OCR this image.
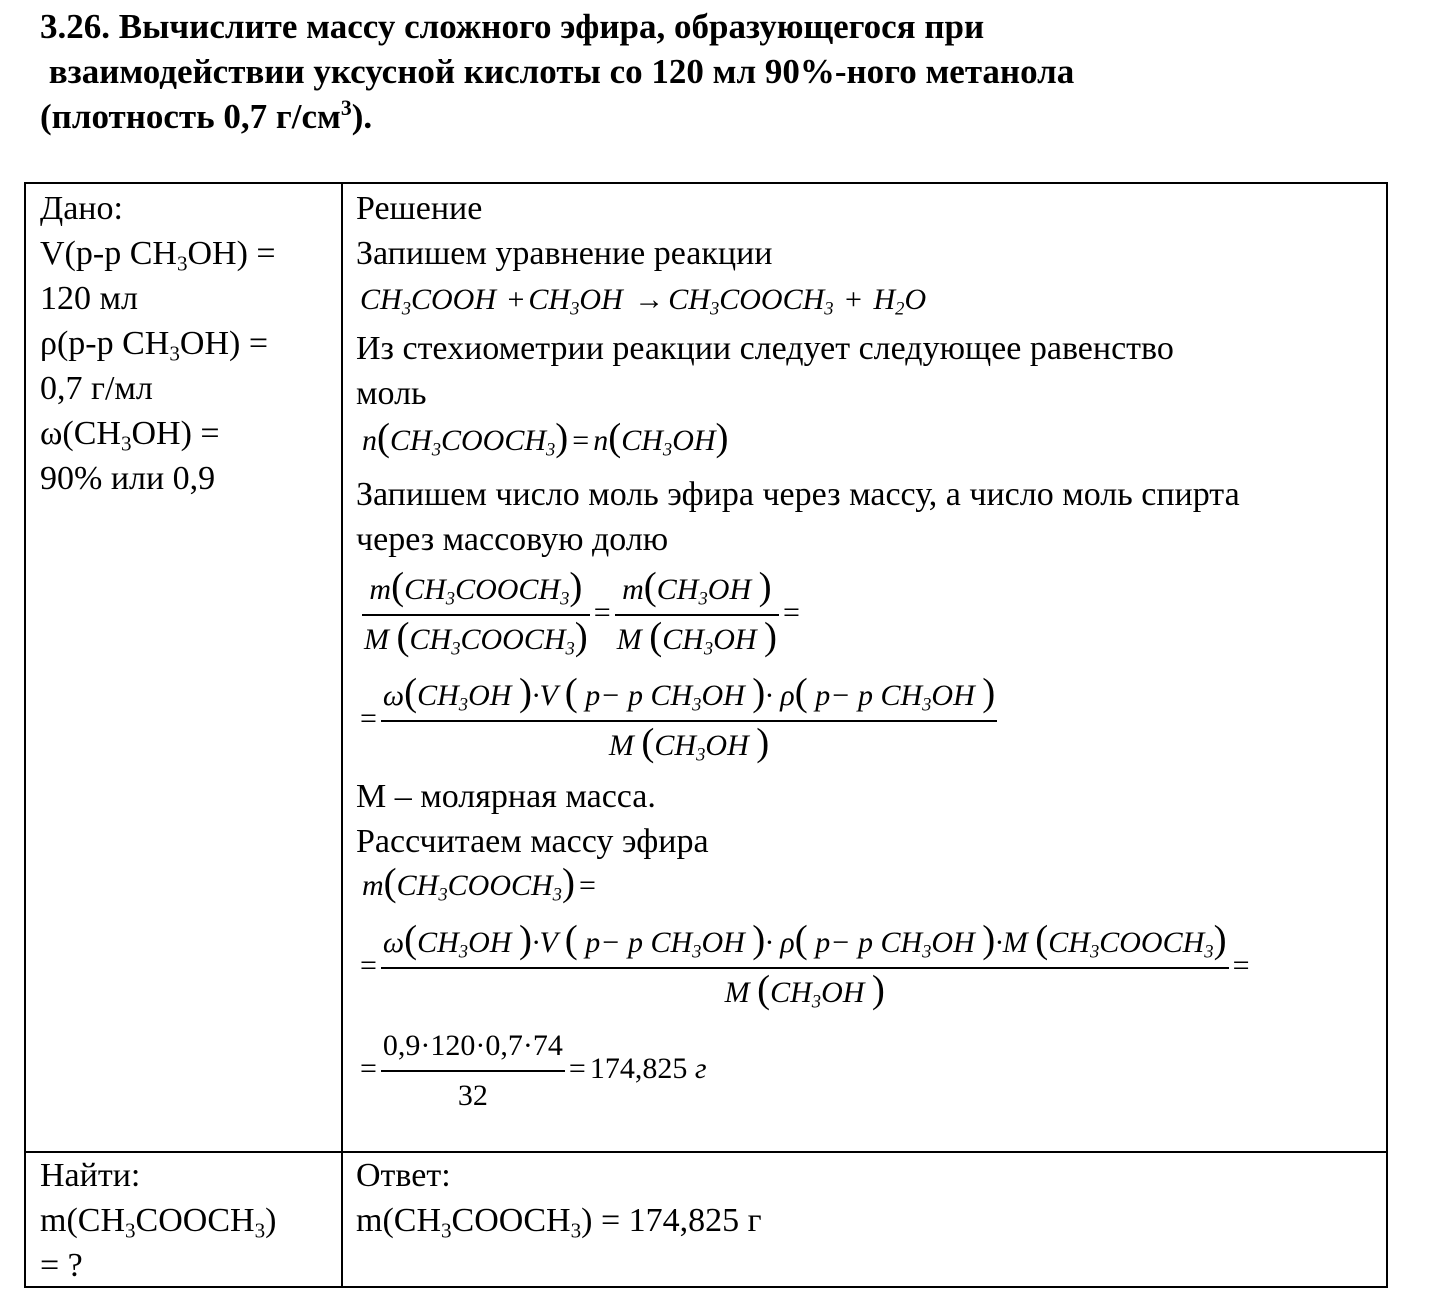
3.26. Вычислите массу сложного эфира, образующегося при
взаимодействии уксусной кислоты со 120 мл 90%-ного метанола
(плотность 0,7 $г/см^3$).
Дано:
V(р-р $CH_3OH$) =
120 мл
ρ(р-р $CH_3OH$) =
0,7 г/мл
$\omega(CH_3OH)$ =
90% или 0,9
Решение
Запишем уравнение реакции
$CH_3COOH + CH_3OH$ → $CH_3COOCH_3 + H_2O$
Из стехиометрии реакции следует следующее равенство
моль
$n(CH_3COOCH_3) = n(CH_3OH)$
Запишем число моль эфира через массу, а число моль спирта
через массовую долю
$\frac{m(CH_3COOCH_3)}{M (CH_3COOCH_3)} = \frac{m(CH_3OH )}{M (CH_3OH )}$ =
= $\frac{\omega(CH_3OH )\cdot V ( p- p CH_3OH )\cdot \rho( p- p CH_3OH )}{M (CH_3OH )}$
M – молярная масса.
Рассчитаем массу эфира
$m(CH_3COOCH_3)$ =
= $\frac{\omega(CH_3OH )\cdot V ( p- p CH_3OH )\cdot \rho( p- p CH_3OH )\cdot M (CH_3COOCH_3)}{M (CH_3OH )}$ =
= $\frac{0,9\cdot 120\cdot 0,7\cdot 74}{32} = 174,825$ г
Найти:
$m(CH_3COOCH_3)$
= ?
Ответ:
$m(CH_3COOCH_3) = 174,825$ г
